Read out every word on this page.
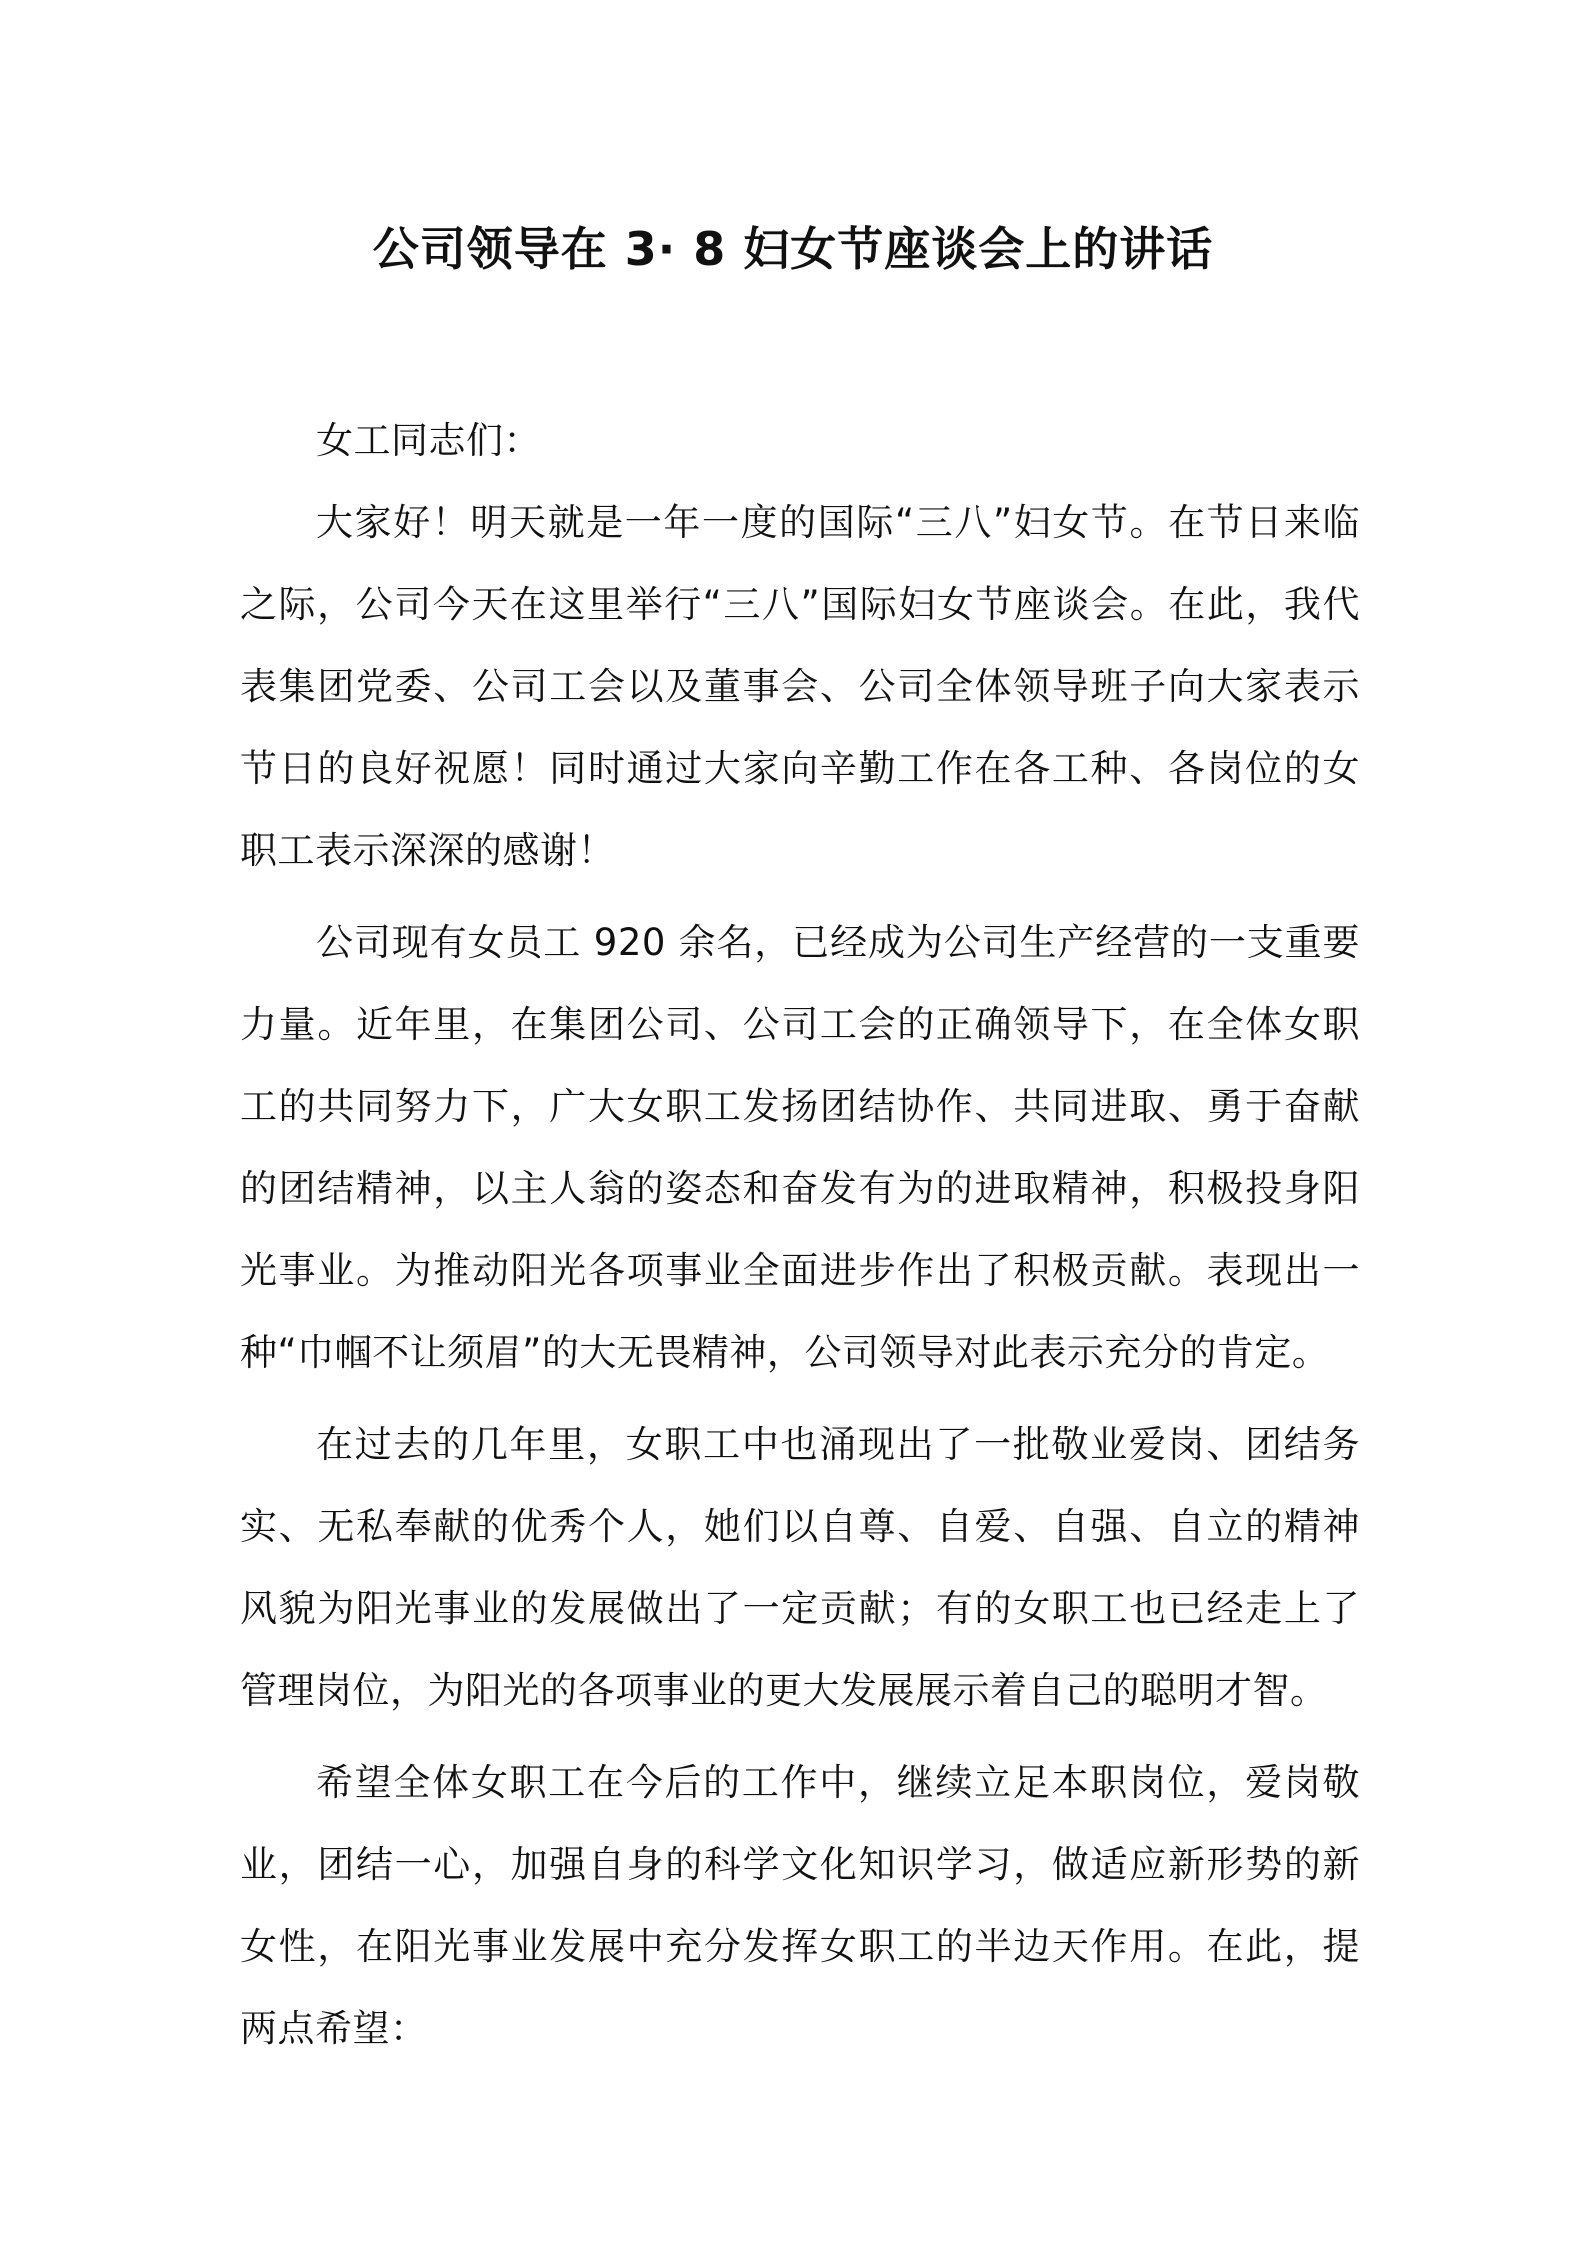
公司领导在 3· 8 妇女节座谈会上的讲话

女工同志们：

大家好！明天就是一年一度的国际“三八”妇女节。在节日来临之际，公司今天在这里举行“三八”国际妇女节座谈会。在此，我代表集团党委、公司工会以及董事会、公司全体领导班子向大家表示节日的良好祝愿！同时通过大家向辛勤工作在各工种、各岗位的女职工表示深深的感谢！

公司现有女员工 920 余名，已经成为公司生产经营的一支重要力量。近年里，在集团公司、公司工会的正确领导下，在全体女职工的共同努力下，广大女职工发扬团结协作、共同进取、勇于奋献的团结精神，以主人翁的姿态和奋发有为的进取精神，积极投身阳光事业。为推动阳光各项事业全面进步作出了积极贡献。表现出一种“巾帼不让须眉”的大无畏精神，公司领导对此表示充分的肯定。

在过去的几年里，女职工中也涌现出了一批敬业爱岗、团结务实、无私奉献的优秀个人，她们以自尊、自爱、自强、自立的精神风貌为阳光事业的发展做出了一定贡献；有的女职工也已经走上了管理岗位，为阳光的各项事业的更大发展展示着自己的聪明才智。

希望全体女职工在今后的工作中，继续立足本职岗位，爱岗敬业，团结一心，加强自身的科学文化知识学习，做适应新形势的新女性，在阳光事业发展中充分发挥女职工的半边天作用。在此，提两点希望：
